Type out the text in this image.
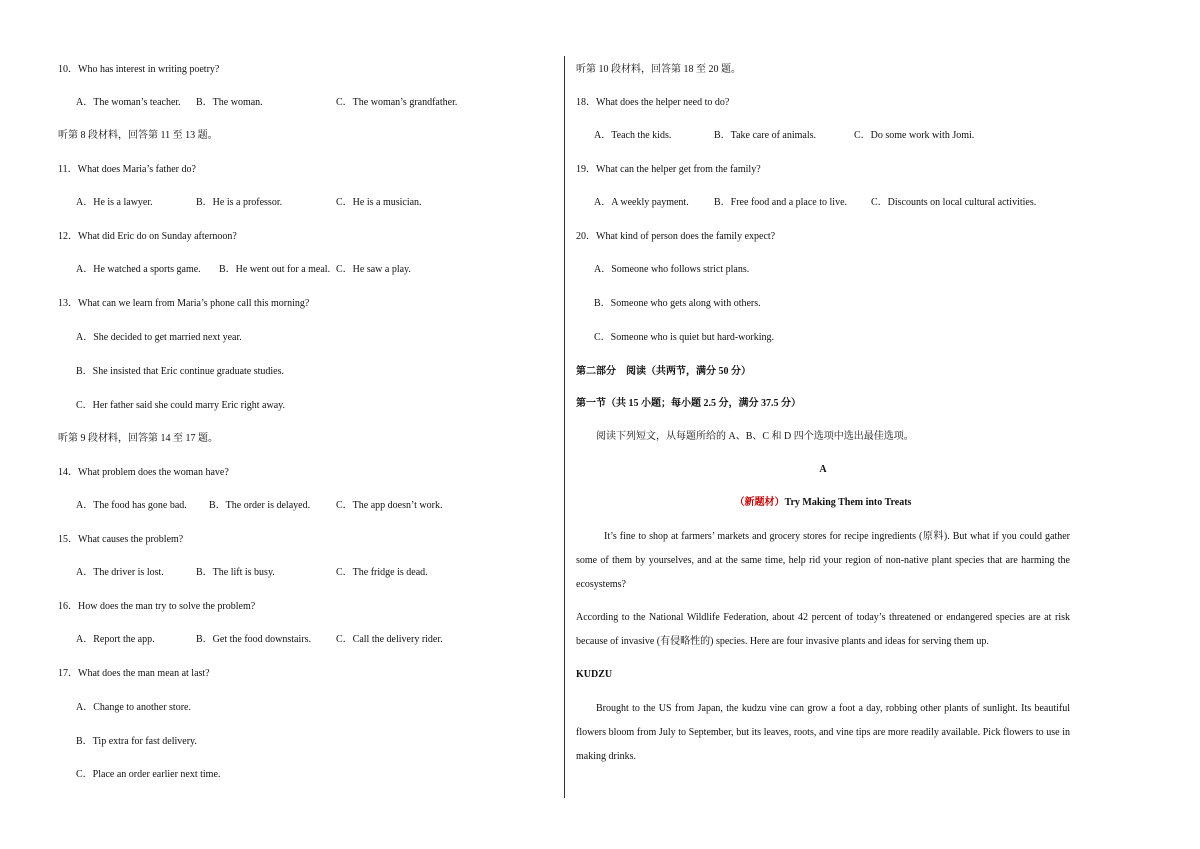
10．Who has interest in writing poetry?
A．The woman’s teacher. B．The woman.	C．The woman’s grandfather.
听第 8 段材料，回答第 11 至 13 题。
11．What does Maria’s father do?
A．He is a lawyer.	B．He is a professor.	C．He is a musician.
12．What did Eric do on Sunday afternoon?
A．He watched a sports game. B．He went out for a meal. C．He saw a play.
13．What can we learn from Maria’s phone call this morning?
A．She decided to get married next year.
B．She insisted that Eric continue graduate studies.
C．Her father said she could marry Eric right away.
听第 9 段材料，回答第 14 至 17 题。
14．What problem does the woman have?
A．The food has gone bad. B．The order is delayed.	C．The app doesn’t work.
15．What causes the problem?
A．The driver is lost.	B．The lift is busy.	C．The fridge is dead.
16．How does the man try to solve the problem?
A．Report the app.	B．Get the food downstairs.	C．Call the delivery rider.
17．What does the man mean at last?
A．Change to another store.
B．Tip extra for fast delivery.
C．Place an order earlier next time.
听第 10 段材料，回答第 18 至 20 题。
18．What does the helper need to do?
A．Teach the kids.	B．Take care of animals.	C．Do some work with Jomi.
19．What can the helper get from the family?
A．A weekly payment.	B．Free food and a place to live. C．Discounts on local cultural activities.
20．What kind of person does the family expect?
A．Someone who follows strict plans.
B．Someone who gets along with others.
C．Someone who is quiet but hard-working.
第二部分　阅读（共两节，满分 50 分）
第一节（共 15 小题；每小题 2.5 分，满分 37.5 分）
阅读下列短文，从每题所给的 A、B、C 和 D 四个选项中选出最佳选项。
A
（新题材）Try Making Them into Treats
It’s fine to shop at farmers’ markets and grocery stores for recipe ingredients (原料). But what if you could gather some of them by yourselves, and at the same time, help rid your region of non-native plant species that are harming the ecosystems?
According to the National Wildlife Federation, about 42 percent of today’s threatened or endangered species are at risk because of invasive (有侵略性的) species. Here are four invasive plants and ideas for serving them up.
KUDZU
Brought to the US from Japan, the kudzu vine can grow a foot a day, robbing other plants of sunlight. Its beautiful flowers bloom from July to September, but its leaves, roots, and vine tips are more readily available. Pick flowers to use in making drinks.
